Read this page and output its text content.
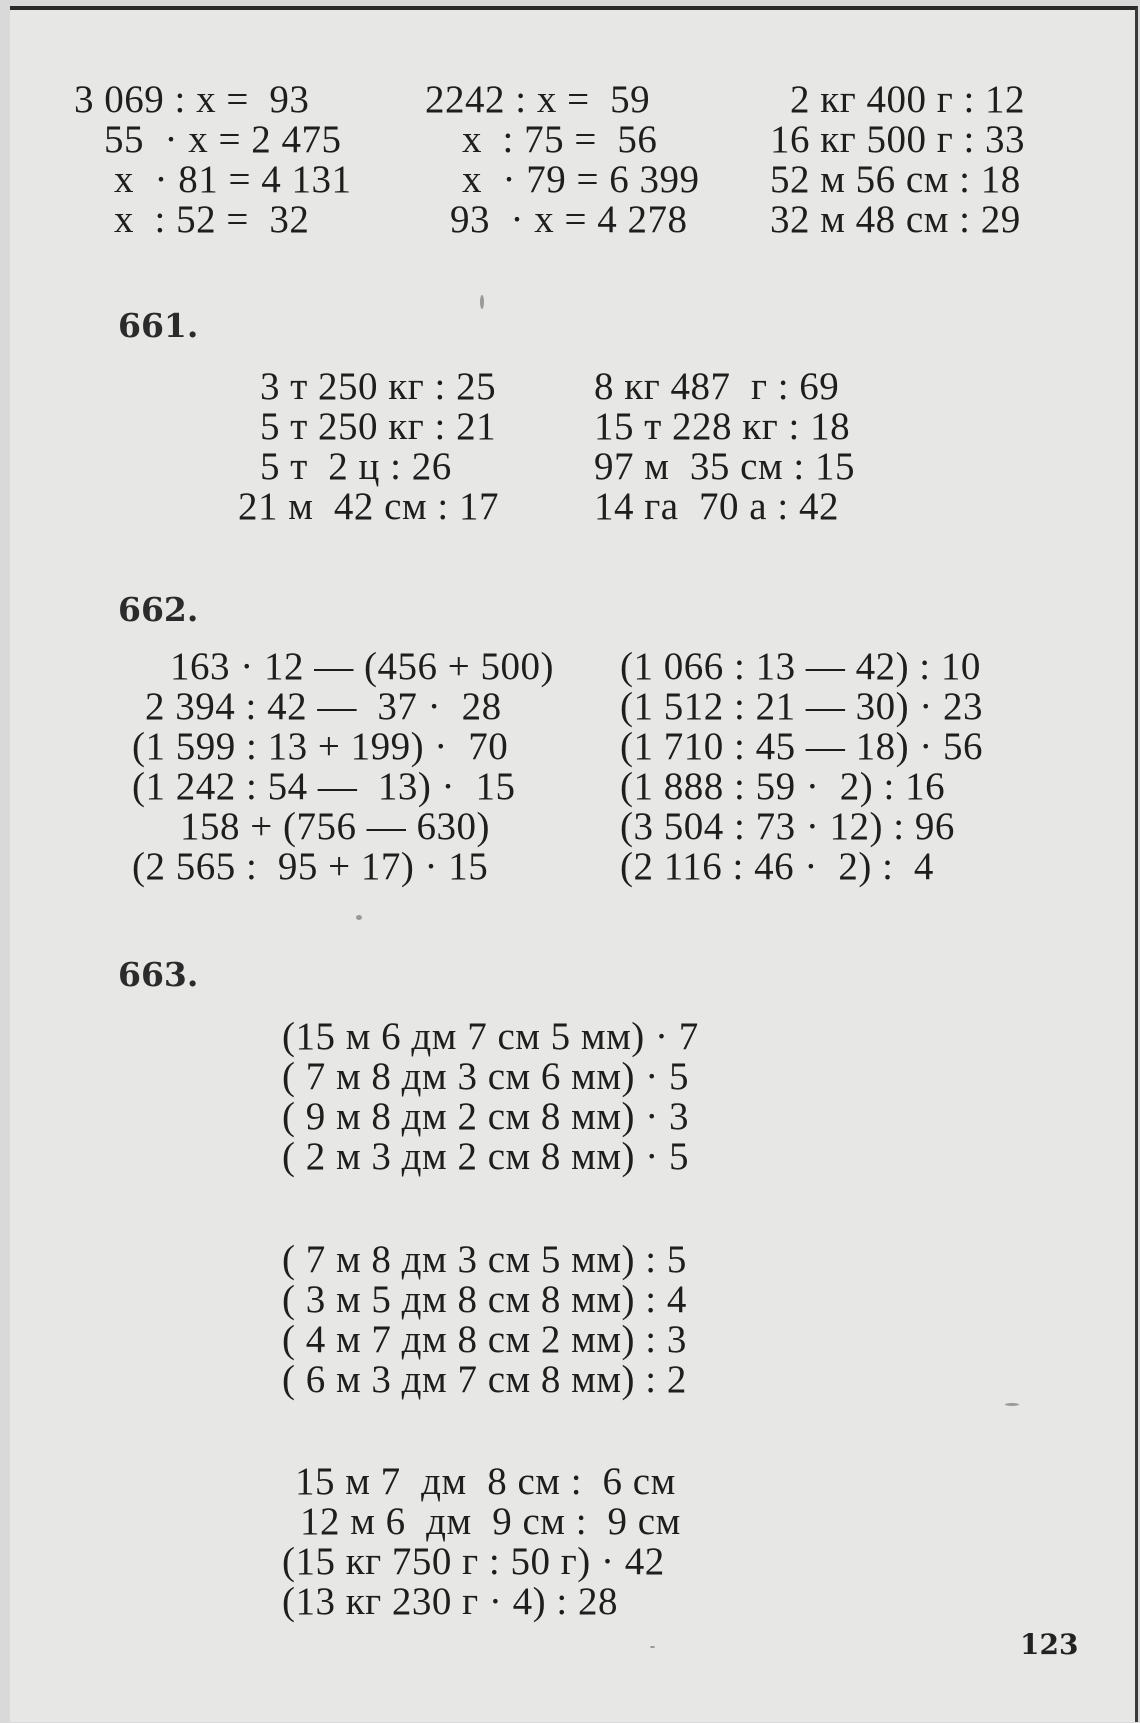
3 069 : х =  93
55  · х = 2 475
х  · 81 = 4 131
х  : 52 =  32
2242 : х =  59
х  : 75 =  56
х  · 79 = 6 399
93  · х = 4 278
2 кг 400 г : 12
16 кг 500 г : 33
52 м 56 см : 18
32 м 48 см : 29
661.
3 т 250 кг : 25
5 т 250 кг : 21
5 т  2 ц : 26
21 м  42 см : 17
8 кг 487  г : 69
15 т 228 кг : 18
97 м  35 см : 15
14 га  70 а : 42
662.
163 · 12 — (456 + 500)
2 394 : 42 —  37 ·  28
(1 599 : 13 + 199) ·  70
(1 242 : 54 —  13) ·  15
158 + (756 — 630)
(2 565 :  95 + 17) · 15
(1 066 : 13 — 42) : 10
(1 512 : 21 — 30) · 23
(1 710 : 45 — 18) · 56
(1 888 : 59 ·  2) : 16
(3 504 : 73 · 12) : 96
(2 116 : 46 ·  2) :  4
663.
(15 м 6 дм 7 см 5 мм) · 7
( 7 м 8 дм 3 см 6 мм) · 5
( 9 м 8 дм 2 см 8 мм) · 3
( 2 м 3 дм 2 см 8 мм) · 5
( 7 м 8 дм 3 см 5 мм) : 5
( 3 м 5 дм 8 см 8 мм) : 4
( 4 м 7 дм 8 см 2 мм) : 3
( 6 м 3 дм 7 см 8 мм) : 2
15 м 7  дм  8 см :  6 см
12 м 6  дм  9 см :  9 см
(15 кг 750 г : 50 г) · 42
(13 кг 230 г · 4) : 28
123
